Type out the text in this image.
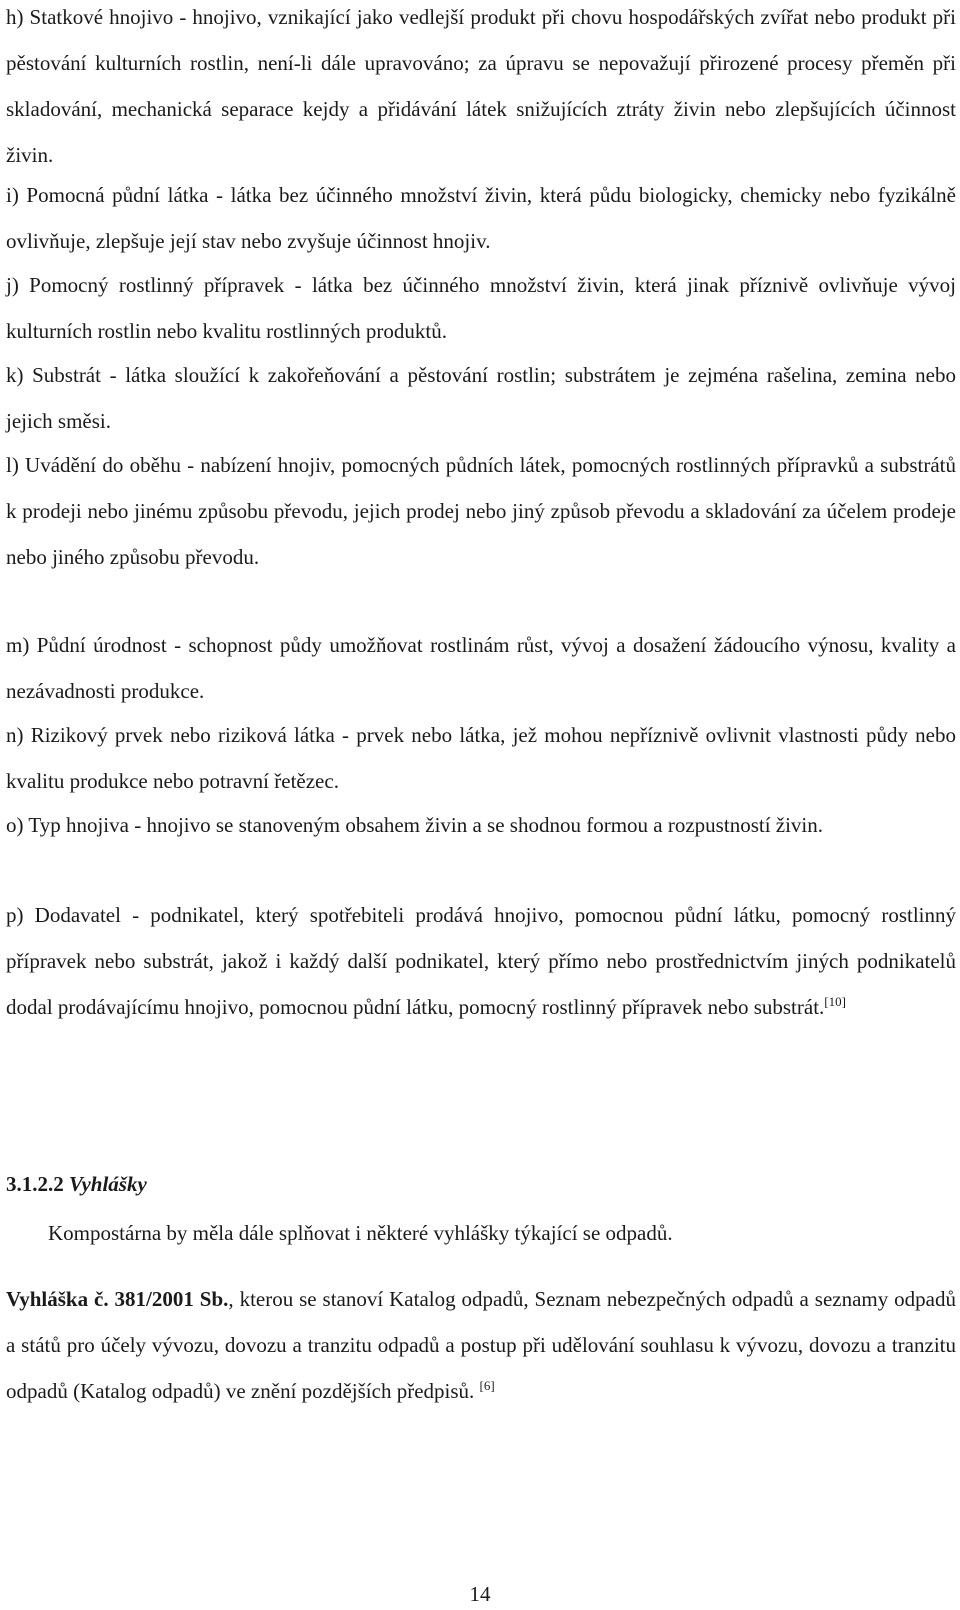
h) Statkové hnojivo - hnojivo, vznikající jako vedlejší produkt při chovu hospodářských zvířat nebo produkt při pěstování kulturních rostlin, není-li dále upravováno; za úpravu se nepovažují přirozené procesy přeměn při skladování, mechanická separace kejdy a přidávání látek snižujících ztráty živin nebo zlepšujících účinnost živin.

i) Pomocná půdní látka - látka bez účinného množství živin, která půdu biologicky, chemicky nebo fyzikálně ovlivňuje, zlepšuje její stav nebo zvyšuje účinnost hnojiv.

j) Pomocný rostlinný přípravek - látka bez účinného množství živin, která jinak příznivě ovlivňuje vývoj kulturních rostlin nebo kvalitu rostlinných produktů.

k) Substrát - látka sloužící k zakořeňování a pěstování rostlin; substrátem je zejména rašelina, zemina nebo jejich směsi.

l) Uvádění do oběhu - nabízení hnojiv, pomocných půdních látek, pomocných rostlinných přípravků a substrátů k prodeji nebo jinému způsobu převodu, jejich prodej nebo jiný způsob převodu a skladování za účelem prodeje nebo jiného způsobu převodu.

m) Půdní úrodnost - schopnost půdy umožňovat rostlinám růst, vývoj a dosažení žádoucího výnosu, kvality a nezávadnosti produkce.

n) Rizikový prvek nebo riziková látka - prvek nebo látka, jež mohou nepříznivě ovlivnit vlastnosti půdy nebo kvalitu produkce nebo potravní řetězec.

o) Typ hnojiva - hnojivo se stanoveným obsahem živin a se shodnou formou a rozpustností živin.

p) Dodavatel - podnikatel, který spotřebiteli prodává hnojivo, pomocnou půdní látku, pomocný rostlinný přípravek nebo substrát, jakož i každý další podnikatel, který přímo nebo prostřednictvím jiných podnikatelů dodal prodávajícímu hnojivo, pomocnou půdní látku, pomocný rostlinný přípravek nebo substrát.[10]

3.1.2.2 Vyhlášky

Kompostárna by měla dále splňovat i některé vyhlášky týkající se odpadů.

Vyhláška č. 381/2001 Sb., kterou se stanoví Katalog odpadů, Seznam nebezpečných odpadů a seznamy odpadů a států pro účely vývozu, dovozu a tranzitu odpadů a postup při udělování souhlasu k vývozu, dovozu a tranzitu odpadů (Katalog odpadů) ve znění pozdějších předpisů. [6]

14
